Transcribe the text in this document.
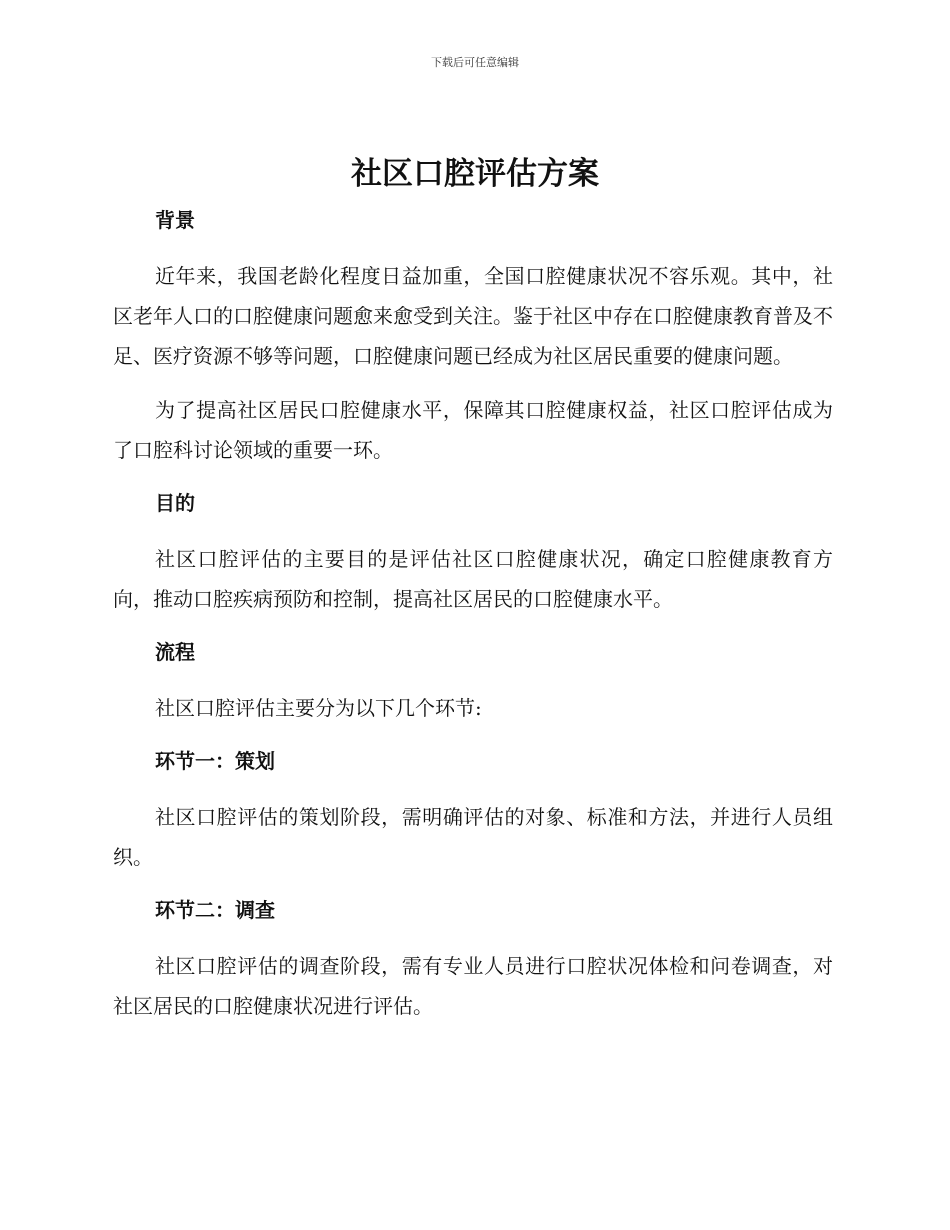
下载后可任意编辑
社区口腔评估方案
背景

近年来，我国老龄化程度日益加重，全国口腔健康状况不容乐观。其中，社区老年人口的口腔健康问题愈来愈受到关注。鉴于社区中存在口腔健康教育普及不足、医疗资源不够等问题，口腔健康问题已经成为社区居民重要的健康问题。

为了提高社区居民口腔健康水平，保障其口腔健康权益，社区口腔评估成为了口腔科讨论领域的重要一环。

目的

社区口腔评估的主要目的是评估社区口腔健康状况，确定口腔健康教育方向，推动口腔疾病预防和控制，提高社区居民的口腔健康水平。

流程

社区口腔评估主要分为以下几个环节:

环节一：策划

社区口腔评估的策划阶段，需明确评估的对象、标准和方法，并进行人员组织。

环节二：调查

社区口腔评估的调查阶段，需有专业人员进行口腔状况体检和问卷调查，对社区居民的口腔健康状况进行评估。
